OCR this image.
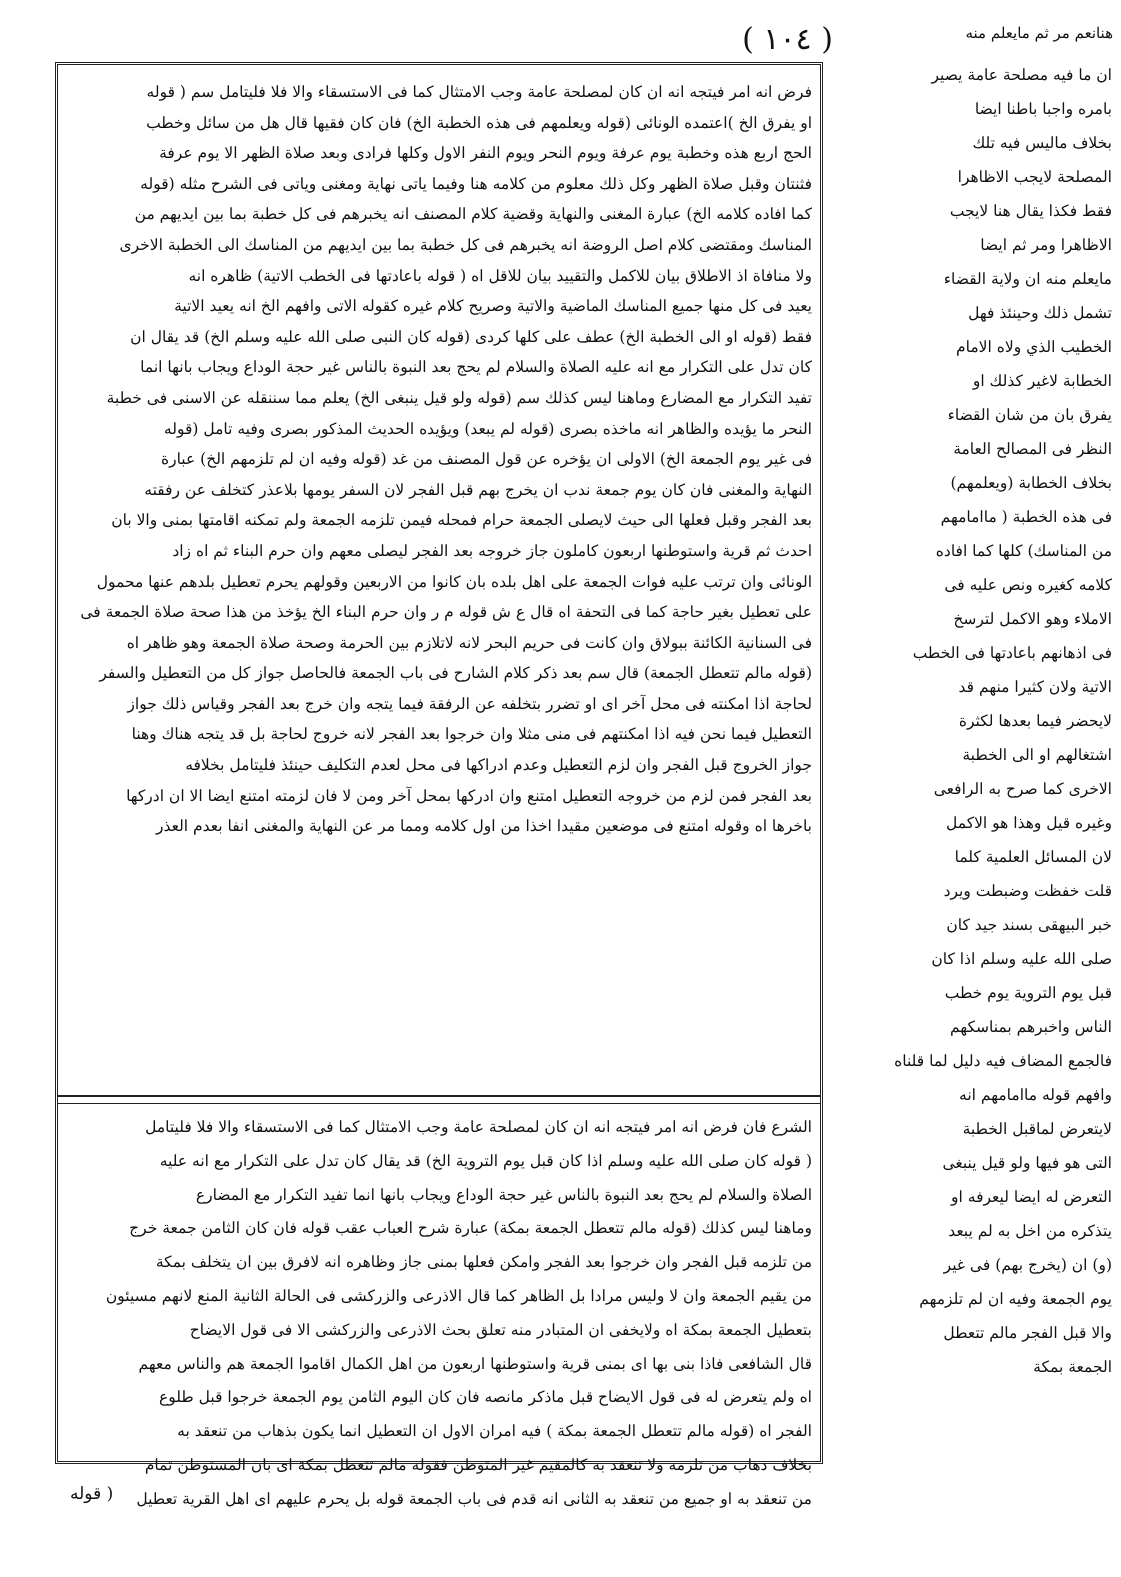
هنانعم مر ثم مايعلم منه
( ١٠٤ )
ان ما فيه مصلحة عامة يصير
بامره واجبا باطنا ايضا
بخلاف ماليس فيه تلك
المصلحة لايجب الاظاهرا
فقط فكذا يقال هنا لايجب
الاظاهرا ومر ثم ايضا
مايعلم منه ان ولاية القضاء
تشمل ذلك وحينئذ فهل
الخطيب الذي ولاه الامام
الخطابة لاغير كذلك او
يفرق بان من شان القضاء
النظر فى المصالح العامة
بخلاف الخطابة (ويعلمهم)
فى هذه الخطبة ( ماامامهم
من المناسك) كلها كما افاده
كلامه كغيره ونص عليه فى
الاملاء وهو الاكمل لترسخ
فى اذهانهم باعادتها فى الخطب
الاتية ولان كثيرا منهم قد
لايحضر فيما بعدها لكثرة
اشتغالهم او الى الخطبة
الاخرى كما صرح به الرافعى
وغيره قيل وهذا هو الاكمل
لان المسائل العلمية كلما
قلت خفظت وضبطت ويرد
خبر البيهقى بسند جيد كان
صلى الله عليه وسلم اذا كان
قبل يوم التروية يوم خطب
الناس واخبرهم بمناسكهم
فالجمع المضاف فيه دليل لما قلناه
وافهم قوله ماامامهم انه
لايتعرض لماقبل الخطبة
التى هو فيها ولو قيل ينبغى
التعرض له ايضا ليعرفه او
يتذكره من اخل به لم يبعد
(و) ان (يخرج بهم) فى غير
يوم الجمعة وفيه ان لم تلزمهم
والا قبل الفجر مالم تتعطل
الجمعة بمكة
فرض انه امر فيتجه انه ان كان لمصلحة عامة وجب الامتثال كما فى الاستسقاء والا فلا فليتامل سم ( قوله
او يفرق الخ )اعتمده الونائى (قوله ويعلمهم فى هذه الخطبة الخ) فان كان فقيها قال هل من سائل وخطب
الحج اربع هذه وخطبة يوم عرفة ويوم النحر ويوم النفر الاول وكلها فرادى وبعد صلاة الظهر الا يوم عرفة
فثنتان وقبل صلاة الظهر وكل ذلك معلوم من كلامه هنا وفيما ياتى نهاية ومغنى وياتى فى الشرح مثله (قوله
كما افاده كلامه الخ) عبارة المغنى والنهاية وقضية كلام المصنف انه يخبرهم فى كل خطبة بما بين ايديهم من
المناسك ومقتضى كلام اصل الروضة انه يخبرهم فى كل خطبة بما بين ايديهم من المناسك الى الخطبة الاخرى
ولا منافاة اذ الاطلاق بيان للاكمل والتقييد بيان للاقل اه ( قوله باعادتها فى الخطب الاتية) ظاهره انه
يعيد فى كل منها جميع المناسك الماضية والاتية وصريح كلام غيره كقوله الاتى وافهم الخ انه يعيد الاتية
فقط (قوله او الى الخطبة الخ) عطف على كلها كردى (قوله كان النبى صلى الله عليه وسلم الخ) قد يقال ان
كان تدل على التكرار مع انه عليه الصلاة والسلام لم يحج بعد النبوة بالناس غير حجة الوداع ويجاب بانها انما
تفيد التكرار مع المضارع وماهنا ليس كذلك سم (قوله ولو قيل ينبغى الخ) يعلم مما سننقله عن الاسنى فى خطبة
النحر ما يؤيده والظاهر انه ماخذه بصرى (قوله لم يبعد) ويؤيده الحديث المذكور بصرى وفيه تامل (قوله
فى غير يوم الجمعة الخ) الاولى ان يؤخره عن قول المصنف من غد (قوله وفيه ان لم تلزمهم الخ) عبارة
النهاية والمغنى فان كان يوم جمعة ندب ان يخرج بهم قبل الفجر لان السفر يومها بلاعذر كتخلف عن رفقته
بعد الفجر وقبل فعلها الى حيث لايصلى الجمعة حرام فمحله فيمن تلزمه الجمعة ولم تمكنه اقامتها بمنى والا بان
احدث ثم قرية واستوطنها اربعون كاملون جاز خروجه بعد الفجر ليصلى معهم وان حرم البناء ثم اه زاد
الونائى وان ترتب عليه فوات الجمعة على اهل بلده بان كانوا من الاربعين وقولهم يحرم تعطيل بلدهم عنها محمول
على تعطيل بغير حاجة كما فى التحفة اه قال ع ش قوله م ر وان حرم البناء الخ يؤخذ من هذا صحة صلاة الجمعة فى
فى السنانية الكائنة ببولاق وان كانت فى حريم البحر لانه لاتلازم بين الحرمة وصحة صلاة الجمعة وهو ظاهر اه
(قوله مالم تتعطل الجمعة) قال سم بعد ذكر كلام الشارح فى باب الجمعة فالحاصل جواز كل من التعطيل والسفر
لحاجة اذا امكنته فى محل آخر اى او تضرر بتخلفه عن الرفقة فيما يتجه وان خرج بعد الفجر وقياس ذلك جواز
التعطيل فيما نحن فيه اذا امكنتهم فى منى مثلا وان خرجوا بعد الفجر لانه خروج لحاجة بل قد يتجه هناك وهنا
جواز الخروج قبل الفجر وان لزم التعطيل وعدم ادراكها فى محل لعدم التكليف حينئذ فليتامل بخلافه
بعد الفجر فمن لزم من خروجه التعطيل امتنع وان ادركها بمحل آخر ومن لا فان لزمته امتنع ايضا الا ان ادركها
باخرها اه وقوله امتنع فى موضعين مقيدا اخذا من اول كلامه ومما مر عن النهاية والمغنى انفا بعدم العذر
الشرع فان فرض انه امر فيتجه انه ان كان لمصلحة عامة وجب الامتثال كما فى الاستسقاء والا فلا فليتامل
( قوله كان صلى الله عليه وسلم اذا كان قبل يوم التروية الخ) قد يقال كان تدل على التكرار مع انه عليه
الصلاة والسلام لم يحج بعد النبوة بالناس غير حجة الوداع ويجاب بانها انما تفيد التكرار مع المضارع
وماهنا ليس كذلك (قوله مالم تتعطل الجمعة بمكة) عبارة شرح العباب عقب قوله فان كان الثامن جمعة خرج
من تلزمه قبل الفجر وان خرجوا بعد الفجر وامكن فعلها بمنى جاز وظاهره انه لافرق بين ان يتخلف بمكة
من يقيم الجمعة وان لا وليس مرادا بل الظاهر كما قال الاذرعى والزركشى فى الحالة الثانية المنع لانهم مسيئون
بتعطيل الجمعة بمكة اه ولايخفى ان المتبادر منه تعلق بحث الاذرعى والزركشى الا فى قول الايضاح
قال الشافعى فاذا بنى بها اى بمنى قرية واستوطنها اربعون من اهل الكمال اقاموا الجمعة هم والناس معهم
اه ولم يتعرض له فى قول الايضاح قبل ماذكر مانصه فان كان اليوم الثامن يوم الجمعة خرجوا قبل طلوع
الفجر اه (قوله مالم تتعطل الجمعة بمكة ) فيه امران الاول ان التعطيل انما يكون بذهاب من تنعقد به
بخلاف ذهاب من تلزمه ولا تنعقد به كالمقيم غير المتوطن فقوله مالم تتعطل بمكة اى بان المستوطن تمام
من تنعقد به او جميع من تنعقد به الثانى انه قدم فى باب الجمعة قوله بل يحرم عليهم اى اهل القرية تعطيل
( قوله
